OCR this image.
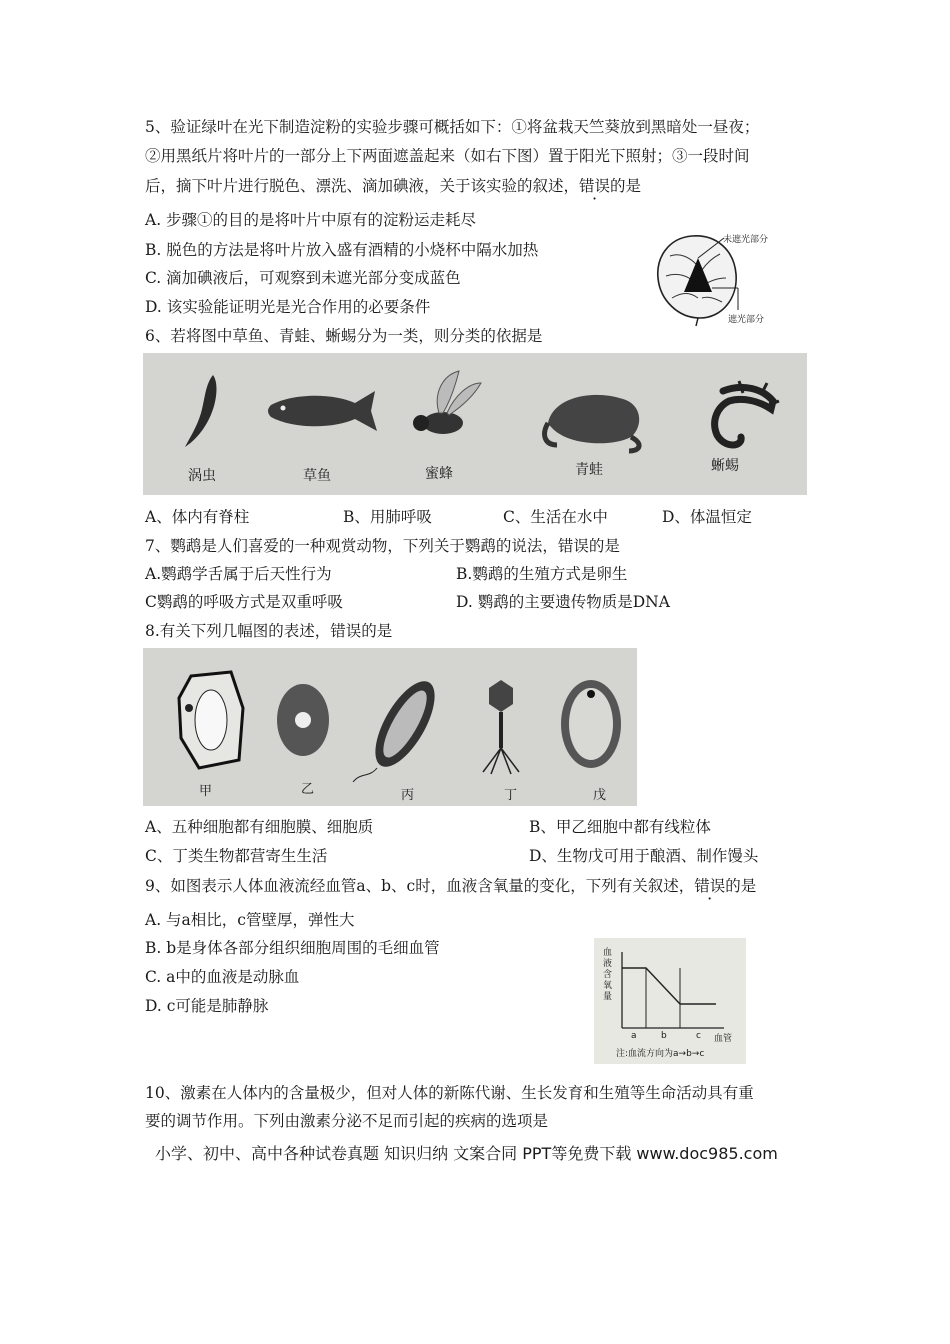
5、验证绿叶在光下制造淀粉的实验步骤可概括如下：①将盆栽天竺葵放到黑暗处一昼夜；
②用黑纸片将叶片的一部分上下两面遮盖起来（如右下图）置于阳光下照射；③一段时间
后，摘下叶片进行脱色、漂洗、滴加碘液，关于该实验的叙述，错误的是
A. 步骤①的目的是将叶片中原有的淀粉运走耗尽
B. 脱色的方法是将叶片放入盛有酒精的小烧杯中隔水加热
C. 滴加碘液后，可观察到未遮光部分变成蓝色
D. 该实验能证明光是光合作用的必要条件
未遮光部分
遮光部分
6、若将图中草鱼、青蛙、蜥蜴分为一类，则分类的依据是
涡虫	草鱼	蜜蜂	青蛙	蜥蜴
A、体内有脊柱	B、用肺呼吸	C、生活在水中	D、体温恒定
7、鹦鹉是人们喜爱的一种观赏动物，下列关于鹦鹉的说法，错误的是
A.鹦鹉学舌属于后天性行为	B.鹦鹉的生殖方式是卵生
C鹦鹉的呼吸方式是双重呼吸	D. 鹦鹉的主要遗传物质是DNA
8.有关下列几幅图的表述，错误的是
甲	乙	丙	丁	戊
A、五种细胞都有细胞膜、细胞质	B、甲乙细胞中都有线粒体
C、丁类生物都营寄生生活	D、生物戊可用于酿酒、制作馒头
9、如图表示人体血液流经血管a、b、c时，血液含氧量的变化，下列有关叙述，错误的是
A. 与a相比，c管壁厚，弹性大
B. b是身体各部分组织细胞周围的毛细血管
C. a中的血液是动脉血
D. c可能是肺静脉
血液含氧量
a	b	c 血管
注:血流方向为a→b→c
10、激素在人体内的含量极少，但对人体的新陈代谢、生长发育和生殖等生命活动具有重
要的调节作用。下列由激素分泌不足而引起的疾病的选项是
小学、初中、高中各种试卷真题 知识归纳 文案合同 PPT等免费下载 www.doc985.com
